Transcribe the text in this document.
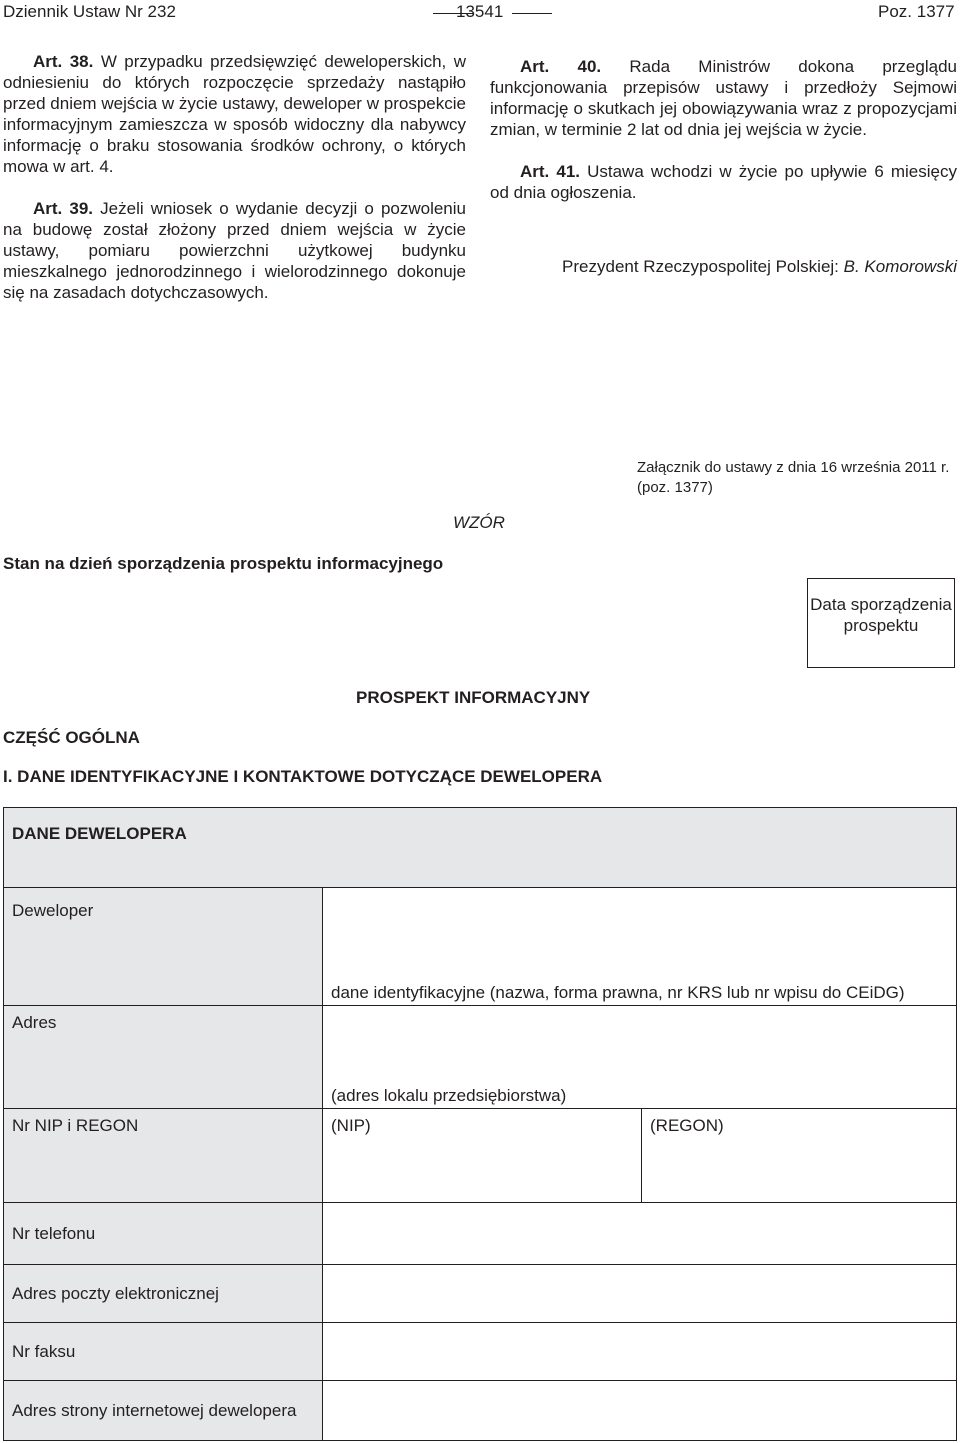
Dziennik Ustaw Nr 232	13541	Poz. 1377

Art. 38. W przypadku przedsięwzięć deweloperskich, w odniesieniu do których rozpoczęcie sprzedaży nastąpiło przed dniem wejścia w życie ustawy, deweloper w prospekcie informacyjnym zamieszcza w sposób widoczny dla nabywcy informację o braku stosowania środków ochrony, o których mowa w art. 4.

Art. 39. Jeżeli wniosek o wydanie decyzji o pozwoleniu na budowę został złożony przed dniem wejścia w życie ustawy, pomiaru powierzchni użytkowej budynku mieszkalnego jednorodzinnego i wielorodzinnego dokonuje się na zasadach dotychczasowych.

Art. 40. Rada Ministrów dokona przeglądu funkcjonowania przepisów ustawy i przedłoży Sejmowi informację o skutkach jej obowiązywania wraz z propozycjami zmian, w terminie 2 lat od dnia jej wejścia w życie.

Art. 41. Ustawa wchodzi w życie po upływie 6 miesięcy od dnia ogłoszenia.

Prezydent Rzeczypospolitej Polskiej: B. Komorowski
Załącznik do ustawy z dnia 16 września 2011 r.
(poz. 1377)
WZÓR
Stan na dzień sporządzenia prospektu informacyjnego
Data sporządzenia prospektu
PROSPEKT INFORMACYJNY
CZĘŚĆ OGÓLNA
I. DANE IDENTYFIKACYJNE I KONTAKTOWE DOTYCZĄCE DEWELOPERA
DANE DEWELOPERA		
Deweloper	dane identyfikacyjne (nazwa, forma prawna, nr KRS lub nr wpisu do CEiDG)	
Adres	(adres lokalu przedsiębiorstwa)	
Nr NIP i REGON	(NIP)	(REGON)
Nr telefonu		
Adres poczty elektronicznej		
Nr faksu		
Adres strony internetowej dewelopera		
